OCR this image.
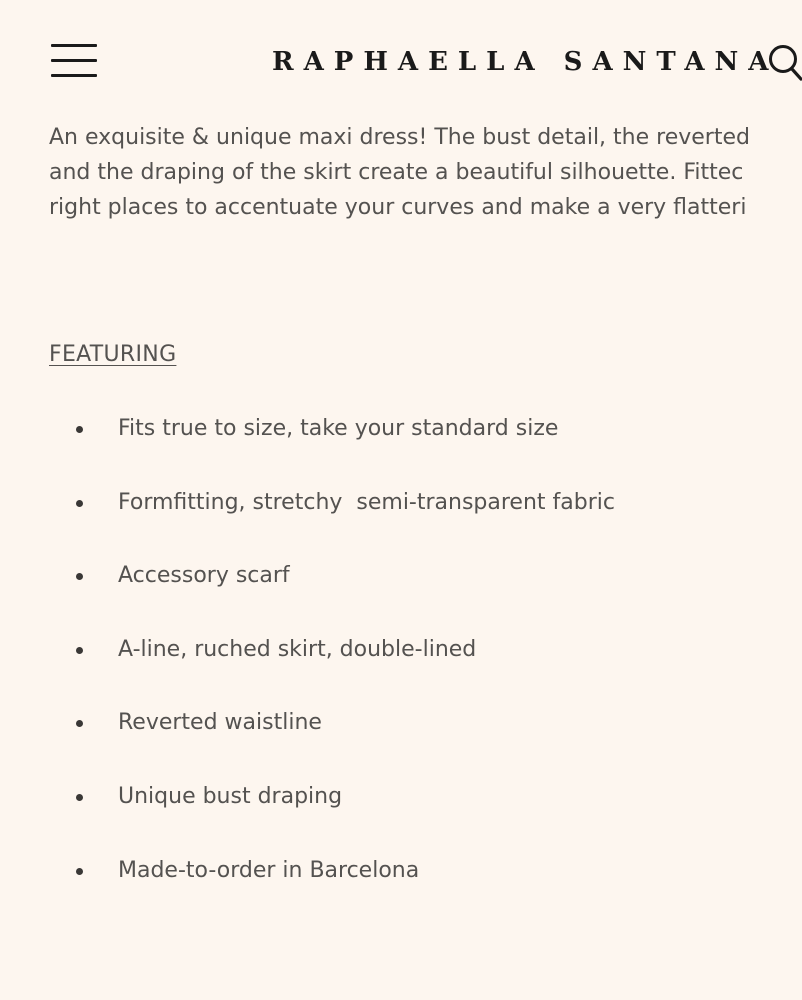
RAPHAELLA SANTANA
An exquisite & unique maxi dress! The bust detail, the reverted
and the draping of the skirt create a beautiful silhouette. Fittec
right places to accentuate your curves and make a very flatteri
FEATURING
Fits true to size, take your standard size
Formfitting, stretchy  semi-transparent fabric
Accessory scarf
A-line, ruched skirt, double-lined
Reverted waistline
Unique bust draping
Made-to-order in Barcelona
